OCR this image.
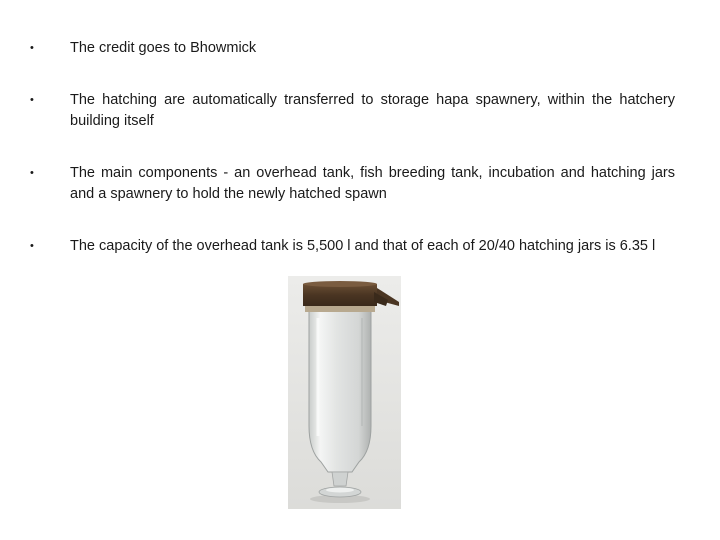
• The credit goes to Bhowmick
• The hatching are automatically transferred to storage hapa spawnery, within the hatchery building itself
• The main components - an overhead tank, fish breeding tank, incubation and hatching jars and a spawnery to hold the newly hatched spawn
• The capacity of the overhead tank is 5,500 l and that of each of 20/40 hatching jars is 6.35 l
